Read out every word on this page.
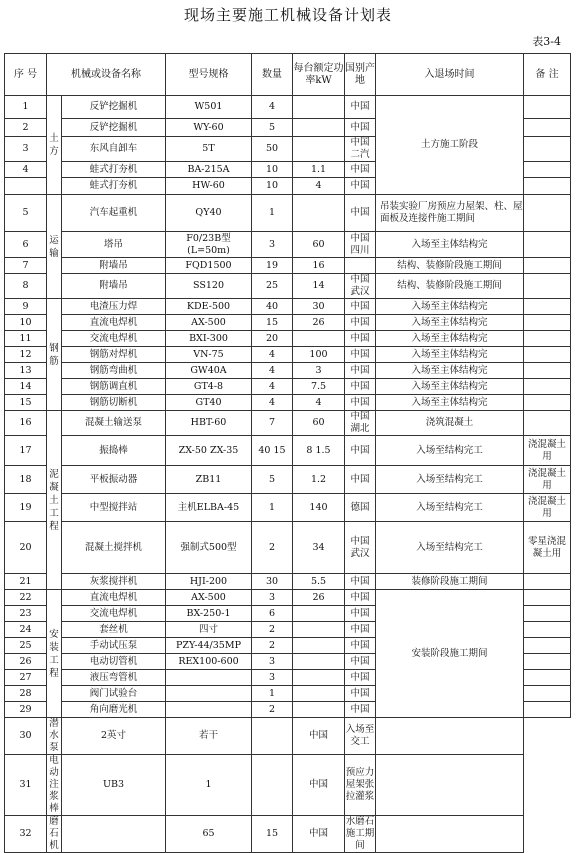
现场主要施工机械设备计划表
表3-4
序 号	机械或设备名称		型号规格	数量	每台额定功率kW	国别产地	入退场时间	备 注
1	土方	反铲挖掘机	W501	4		中国	土方施工阶段	
2		反铲挖掘机	WY-60	5		中国		
3		东风自卸车	5T	50		中国 二汽		
4		蛙式打夯机	BA-215A	10	1.1	中国		
		蛙式打夯机	HW-60	10	4	中国		
5	运输	汽车起重机	QY40	1		中国	吊装实验厂房预应力屋架、柱、屋面板及连接件施工期间	
6		塔吊	F0/23B型 (L=50m)	3	60	中国 四川	入场至主体结构完	
7		附墙吊	FQD1500	19	16		结构、装修阶段施工期间	
8		附墙吊	SS120	25	14	中国 武汉	结构、装修阶段施工期间	
9	钢筋	电渣压力焊	KDE-500	40	30	中国	入场至主体结构完	
10		直流电焊机	AX-500	15	26	中国	入场至主体结构完	
11		交流电焊机	BXI-300	20		中国	入场至主体结构完	
12		钢筋对焊机	VN-75	4	100	中国	入场至主体结构完	
13		钢筋弯曲机	GW40A	4	3	中国	入场至主体结构完	
14		钢筋调直机	GT4-8	4	7.5	中国	入场至主体结构完	
15		钢筋切断机	GT40	4	4	中国	入场至主体结构完	
16	泥凝土工程	混凝土输送泵	HBT-60	7	60	中国 湖北	浇筑混凝土	
17		振捣棒	ZX-50 ZX-35	40 15	8 1.5	中国	入场至结构完工	浇混凝土用
18		平板振动器	ZB11	5	1.2	中国	入场至结构完工	浇混凝土用
19		中型搅拌站	主机ELBA-45	1	140	德国	入场至结构完工	浇混凝土用
20		混凝土搅拌机	强制式500型	2	34	中国 武汉	入场至结构完工	零星浇混凝土用
21		灰浆搅拌机	HJI-200	30	5.5	中国	装修阶段施工期间	
22	安装工程	直流电焊机	AX-500	3	26	中国	安装阶段施工期间	
23		交流电焊机	BX-250-1	6		中国		
24		套丝机	四寸	2		中国		
25		手动试压泵	PZY-44/35MP	2		中国		
26		电动切管机	REX100-600	3		中国		
27		液压弯管机		3		中国		
28		阀门试验台		1		中国		
29		角向磨光机		2		中国		
30	潜水泵	2英寸	若干		中国	入场至交工		
31	电动注浆棒	UB3	1		中国	预应力屋架张拉灌浆		
32	磨石机		65	15	中国	水磨石施工期间		
